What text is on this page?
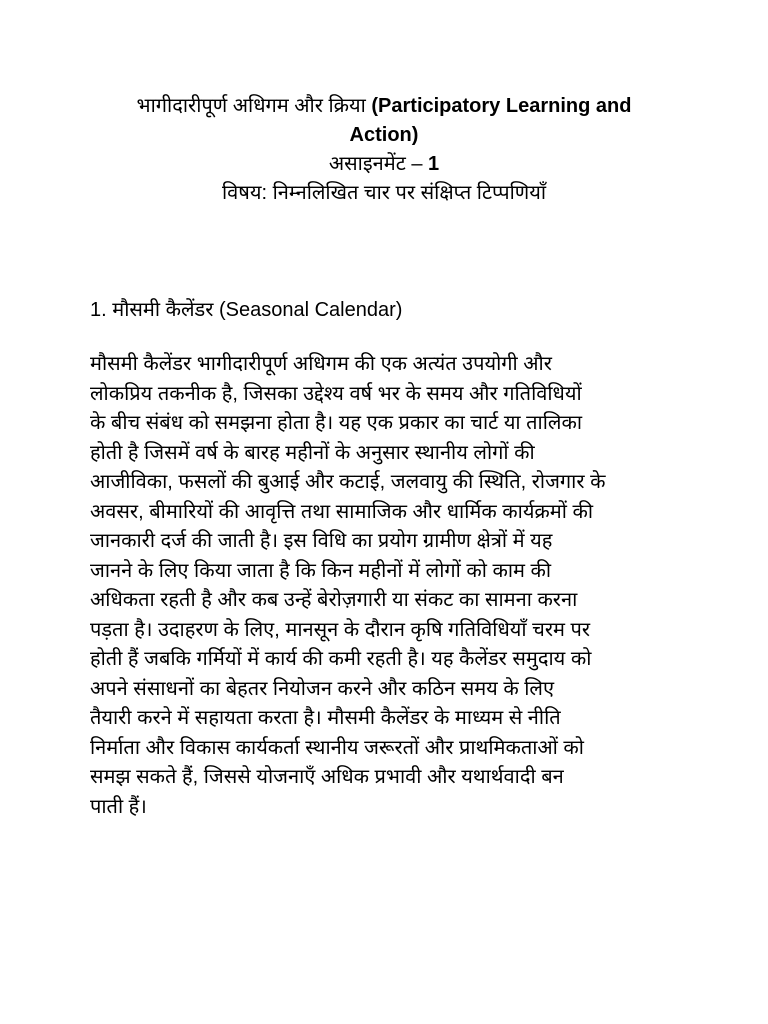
भागीदारीपूर्ण अधिगम और क्रिया (Participatory Learning and
Action)
असाइनमेंट – 1
विषय: निम्नलिखित चार पर संक्षिप्त टिप्पणियाँ
1. मौसमी कैलेंडर (Seasonal Calendar)
मौसमी कैलेंडर भागीदारीपूर्ण अधिगम की एक अत्यंत उपयोगी और
लोकप्रिय तकनीक है, जिसका उद्देश्य वर्ष भर के समय और गतिविधियों
के बीच संबंध को समझना होता है। यह एक प्रकार का चार्ट या तालिका
होती है जिसमें वर्ष के बारह महीनों के अनुसार स्थानीय लोगों की
आजीविका, फसलों की बुआई और कटाई, जलवायु की स्थिति, रोजगार के
अवसर, बीमारियों की आवृत्ति तथा सामाजिक और धार्मिक कार्यक्रमों की
जानकारी दर्ज की जाती है। इस विधि का प्रयोग ग्रामीण क्षेत्रों में यह
जानने के लिए किया जाता है कि किन महीनों में लोगों को काम की
अधिकता रहती है और कब उन्हें बेरोज़गारी या संकट का सामना करना
पड़ता है। उदाहरण के लिए, मानसून के दौरान कृषि गतिविधियाँ चरम पर
होती हैं जबकि गर्मियों में कार्य की कमी रहती है। यह कैलेंडर समुदाय को
अपने संसाधनों का बेहतर नियोजन करने और कठिन समय के लिए
तैयारी करने में सहायता करता है। मौसमी कैलेंडर के माध्यम से नीति
निर्माता और विकास कार्यकर्ता स्थानीय जरूरतों और प्राथमिकताओं को
समझ सकते हैं, जिससे योजनाएँ अधिक प्रभावी और यथार्थवादी बन
पाती हैं।
